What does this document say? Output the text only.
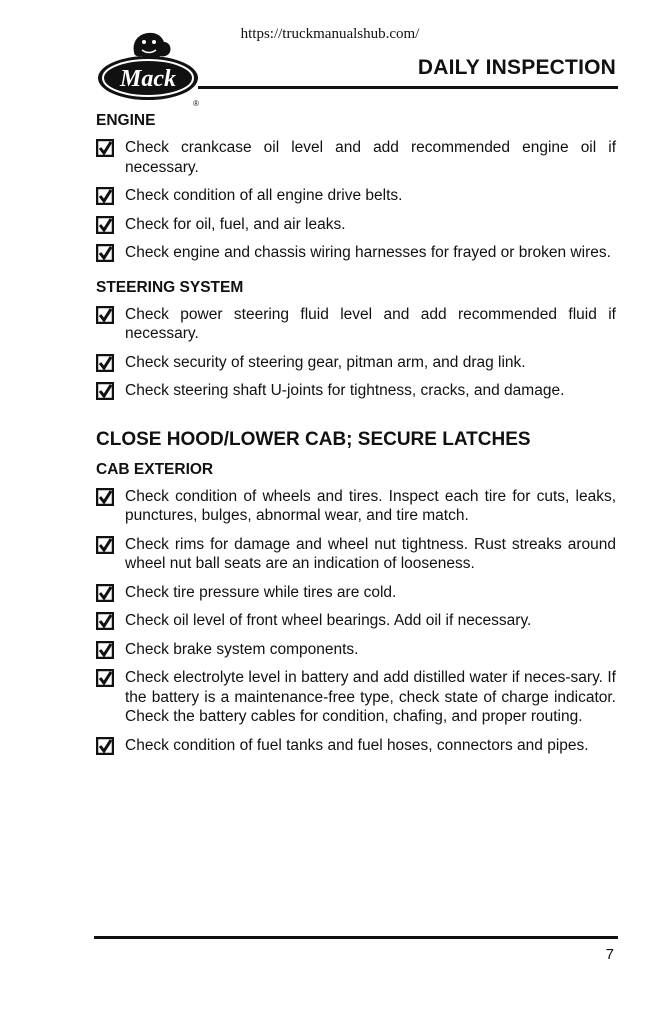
https://truckmanualshub.com/
Mack
®
DAILY INSPECTION
ENGINE
Check crankcase oil level and add recommended engine oil if necessary.
Check condition of all engine drive belts.
Check for oil, fuel, and air leaks.
Check engine and chassis wiring harnesses for frayed or broken wires.
STEERING SYSTEM
Check power steering fluid level and add recommended fluid if necessary.
Check security of steering gear, pitman arm, and drag link.
Check steering shaft U-joints for tightness, cracks, and damage.
CLOSE HOOD/LOWER CAB; SECURE LATCHES
CAB EXTERIOR
Check condition of wheels and tires. Inspect each tire for cuts, leaks, punctures, bulges, abnormal wear, and tire match.
Check rims for damage and wheel nut tightness. Rust streaks around wheel nut ball seats are an indication of looseness.
Check tire pressure while tires are cold.
Check oil level of front wheel bearings. Add oil if necessary.
Check brake system components.
Check electrolyte level in battery and add distilled water if neces-sary. If the battery is a maintenance-free type, check state of charge indicator. Check the battery cables for condition, chafing, and proper routing.
Check condition of fuel tanks and fuel hoses, connectors and pipes.
7
